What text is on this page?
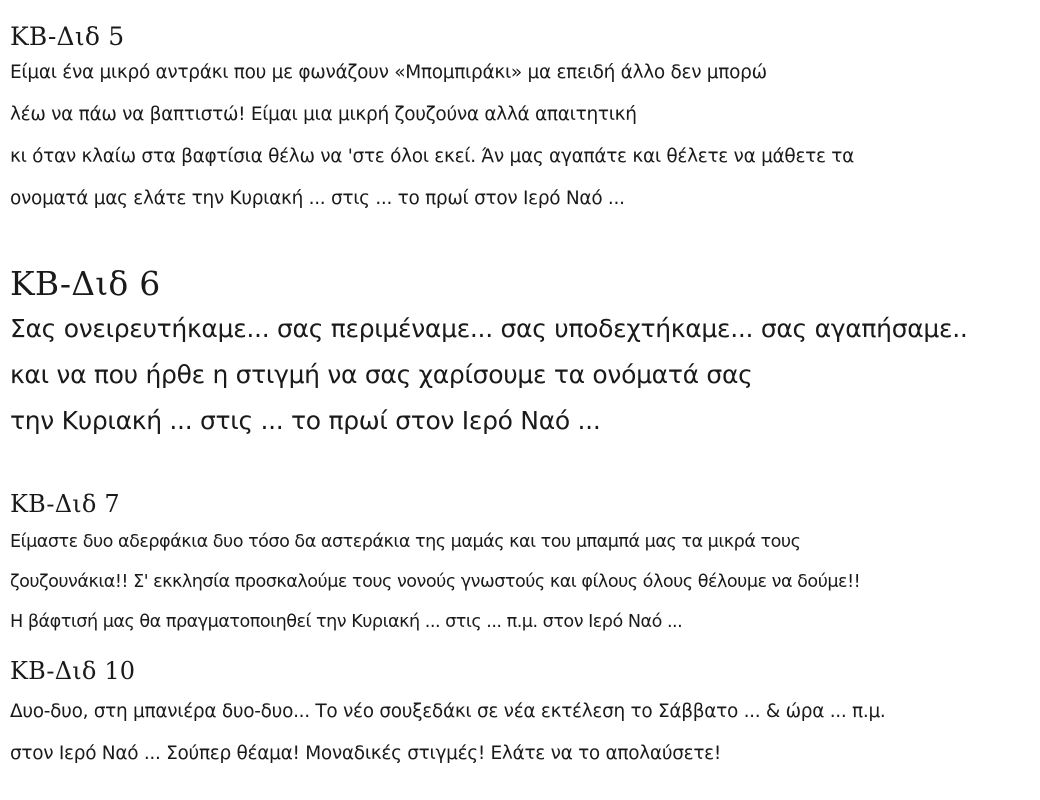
KB-Διδ 5
Είμαι ένα μικρό αντράκι που με φωνάζουν «Μπομπιράκι» μα επειδή άλλο δεν μπορώ
λέω να πάω να βαπτιστώ! Είμαι μια μικρή ζουζούνα αλλά απαιτητική
κι όταν κλαίω στα βαφτίσια θέλω να 'στε όλοι εκεί. Άν μας αγαπάτε και θέλετε να μάθετε τα
ονοματά μας ελάτε την Κυριακή ... στις ... το πρωί στον Ιερό Ναό ...
KB-Διδ 6
Σας ονειρευτήκαμε... σας περιμέναμε... σας υποδεχτήκαμε... σας αγαπήσαμε..
και να που ήρθε η στιγμή να σας χαρίσουμε τα ονόματά σας
την Κυριακή ... στις ... το πρωί στον Ιερό Ναό ...
KB-Διδ 7
Είμαστε δυο αδερφάκια δυο τόσο δα αστεράκια της μαμάς και του μπαμπά μας τα μικρά τους
ζουζουνάκια!! Σ' εκκλησία προσκαλούμε τους νονούς γνωστούς και φίλους όλους θέλουμε να δούμε!!
Η βάφτισή μας θα πραγματοποιηθεί την Κυριακή ... στις ... π.μ. στον Ιερό Ναό ...
KB-Διδ 10
Δυο-δυο, στη μπανιέρα δυο-δυο... Το νέο σουξεδάκι σε νέα εκτέλεση το Σάββατο ... & ώρα ... π.μ.
στον Ιερό Ναό ... Σούπερ θέαμα! Μοναδικές στιγμές! Ελάτε να το απολαύσετε!
